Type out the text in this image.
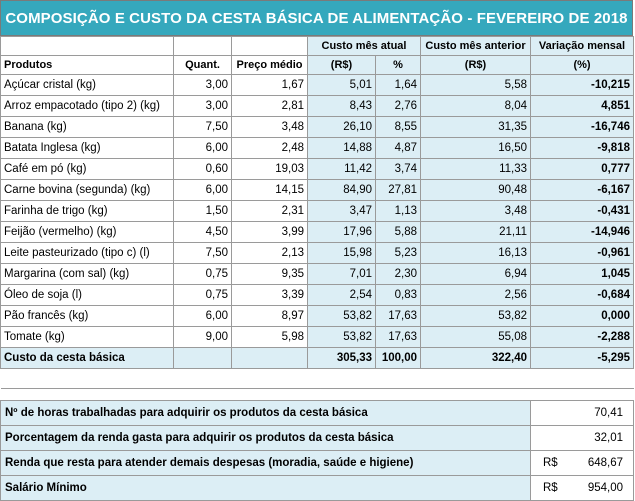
COMPOSIÇÃO E CUSTO DA CESTA BÁSICA DE ALIMENTAÇÃO - FEVEREIRO DE 2018
			Custo mês atual		Custo mês anterior	Variação mensal
Produtos	Quant.	Preço médio	(R$)	%	(R$)	(%)
Açúcar cristal (kg)	3,00	1,67	5,01	1,64	5,58	-10,215
Arroz empacotado (tipo 2) (kg)	3,00	2,81	8,43	2,76	8,04	4,851
Banana (kg)	7,50	3,48	26,10	8,55	31,35	-16,746
Batata Inglesa (kg)	6,00	2,48	14,88	4,87	16,50	-9,818
Café em pó (kg)	0,60	19,03	11,42	3,74	11,33	0,777
Carne bovina (segunda) (kg)	6,00	14,15	84,90	27,81	90,48	-6,167
Farinha de trigo (kg)	1,50	2,31	3,47	1,13	3,48	-0,431
Feijão (vermelho) (kg)	4,50	3,99	17,96	5,88	21,11	-14,946
Leite pasteurizado (tipo c) (l)	7,50	2,13	15,98	5,23	16,13	-0,961
Margarina (com sal) (kg)	0,75	9,35	7,01	2,30	6,94	1,045
Óleo de soja (l)	0,75	3,39	2,54	0,83	2,56	-0,684
Pão francês (kg)	6,00	8,97	53,82	17,63	53,82	0,000
Tomate (kg)	9,00	5,98	53,82	17,63	55,08	-2,288
Custo da cesta básica			305,33	100,00	322,40	-5,295

Nº de horas trabalhadas para adquirir os produtos da cesta básica	70,41

Porcentagem da renda gasta para adquirir os produtos da cesta básica	32,01

Renda que resta para atender demais despesas (moradia, saúde e higiene)	R$ 648,67

Salário Mínimo	R$ 954,00
